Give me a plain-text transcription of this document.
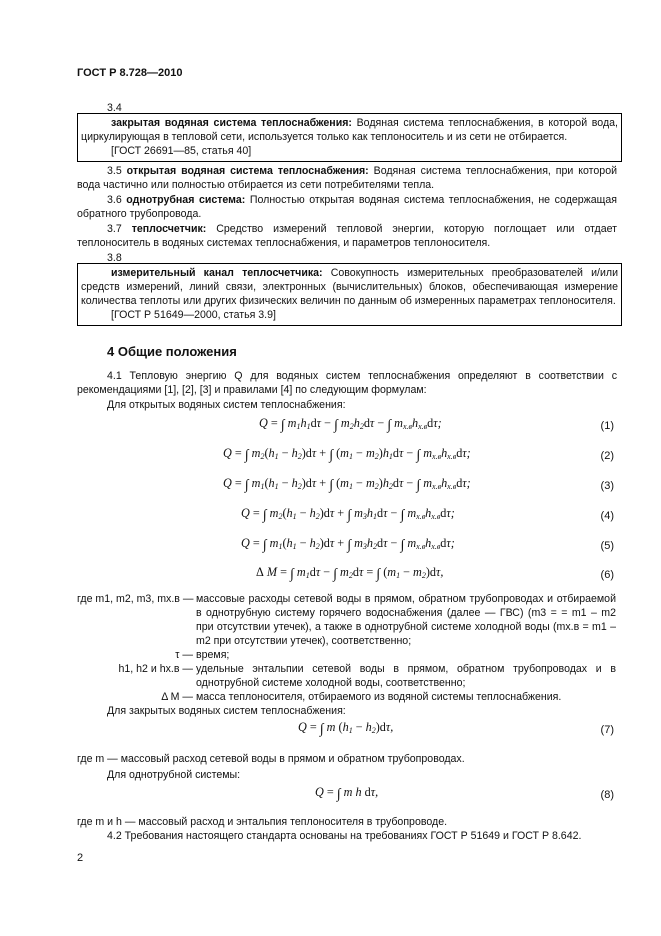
ГОСТ Р 8.728—2010
3.4
закрытая водяная система теплоснабжения: Водяная система теплоснабжения, в которой вода, циркулирующая в тепловой сети, используется только как теплоноситель и из сети не отбирается.
[ГОСТ 26691—85, статья 40]
3.5 открытая водяная система теплоснабжения: Водяная система теплоснабжения, при которой вода частично или полностью отбирается из сети потребителями тепла.
3.6 однотрубная система: Полностью открытая водяная система теплоснабжения, не содержащая обратного трубопровода.
3.7 теплосчетчик: Средство измерений тепловой энергии, которую поглощает или отдает теплоноситель в водяных системах теплоснабжения, и параметров теплоносителя.
3.8
измерительный канал теплосчетчика: Совокупность измерительных преобразователей и/или средств измерений, линий связи, электронных (вычислительных) блоков, обеспечивающая измерение количества теплоты или других физических величин по данным об измеренных параметрах теплоносителя.
[ГОСТ Р 51649—2000, статья 3.9]
4 Общие положения
4.1 Тепловую энергию Q для водяных систем теплоснабжения определяют в соответствии с рекомендациями [1], [2], [3] и правилами [4] по следующим формулам:
Для открытых водяных систем теплоснабжения:
Q = ∫ $m_1h_1d\tau$ − ∫ $m_2h_2d\tau$ − ∫ $m_{х.в}h_{х.в}d\tau$;	(1)
Q = ∫ $m_2(h_1 - h_2)d\tau$ + ∫ $(m_1 - m_2)h_1d\tau$ − ∫ $m_{х.в}h_{х.в}d\tau$;	(2)
Q = ∫ $m_1(h_1 - h_2)d\tau$ + ∫ $(m_1 - m_2)h_2d\tau$ − ∫ $m_{х.в}h_{х.в}d\tau$;	(3)
Q = ∫ $m_2(h_1 - h_2)d\tau$ + ∫ $m_3h_1d\tau$ − ∫ $m_{х.в}h_{х.в}d\tau$;	(4)
Q = ∫ $m_1(h_1 - h_2)d\tau$ + ∫ $m_3h_2d\tau$ − ∫ $m_{х.в}h_{х.в}d\tau$;	(5)
Δ M = ∫ $m_1d\tau$ − ∫ $m_2d\tau$ = ∫ $(m_1 - m_2)d\tau$,	(6)
где m1, m2, m3, mх.в — массовые расходы сетевой воды в прямом, обратном трубопроводах и отбираемой в однотрубную систему горячего водоснабжения (далее — ГВС) (m3 = = m1 – m2 при отсутствии утечек), а также в однотрубной системе холодной воды (mх.в = m1 – m2 при отсутствии утечек), соответственно;
τ — время;
h1, h2 и hх.в — удельные энтальпии сетевой воды в прямом, обратном трубопроводах и в однотрубной системе холодной воды, соответственно;
Δ M — масса теплоносителя, отбираемого из водяной системы теплоснабжения.
Для закрытых водяных систем теплоснабжения:
Q = ∫ m $(h_1 - h_2)d\tau$,	(7)
где m — массовый расход сетевой воды в прямом и обратном трубопроводах.
Для однотрубной системы:
Q = ∫ m h dτ,	(8)
где m и h — массовый расход и энтальпия теплоносителя в трубопроводе.
4.2 Требования настоящего стандарта основаны на требованиях ГОСТ Р 51649 и ГОСТ Р 8.642.
2
